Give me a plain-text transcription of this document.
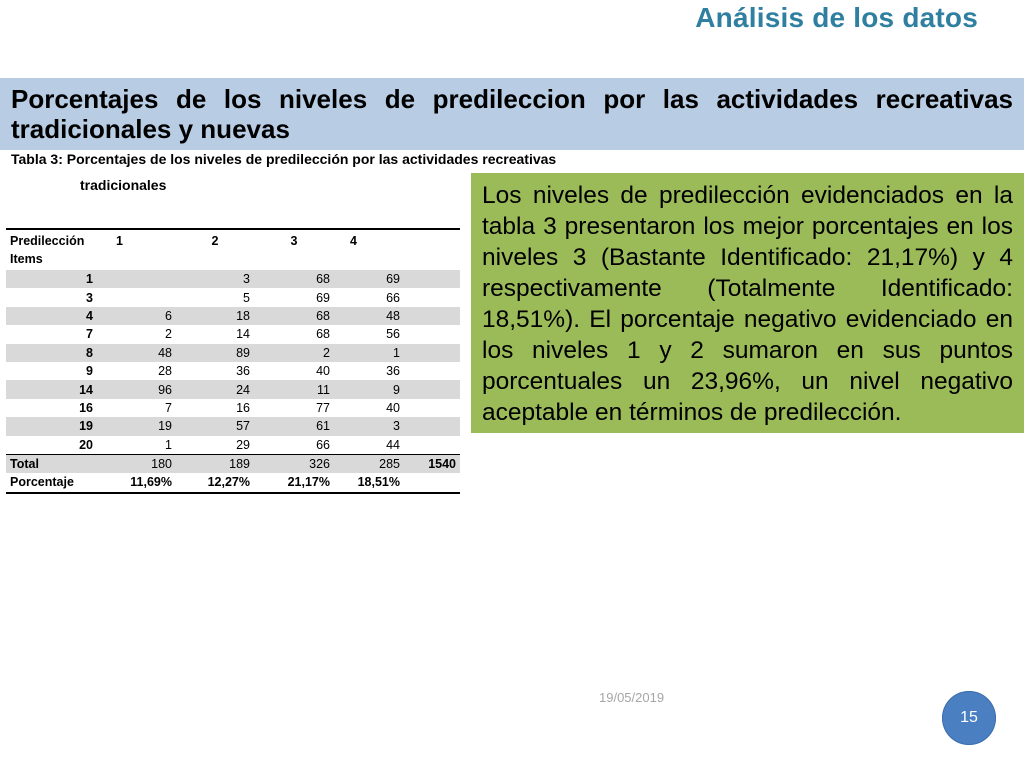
Análisis de los datos
Porcentajes de los niveles de predileccion por las actividades recreativas tradicionales y nuevas
Tabla 3: Porcentajes de los niveles de predilección por las actividades recreativas
tradicionales
Predilección
Items	1	2	3	4	
1		3	68	69	
3		5	69	66	
4	6	18	68	48	
7	2	14	68	56	
8	48	89	2	1	
9	28	36	40	36	
14	96	24	11	9	
16	7	16	77	40	
19	19	57	61	3	
20	1	29	66	44	
Total	180	189	326	285	1540
Porcentaje	11,69%	12,27%	21,17%	18,51%	
Los niveles de predilección evidenciados en la tabla 3 presentaron los mejor porcentajes en los niveles 3 (Bastante Identificado: 21,17%) y 4 respectivamente (Totalmente Identificado: 18,51%). El porcentaje negativo evidenciado en los niveles 1 y 2 sumaron en sus puntos porcentuales un 23,96%, un nivel negativo aceptable en términos de predilección.
19/05/2019
15
